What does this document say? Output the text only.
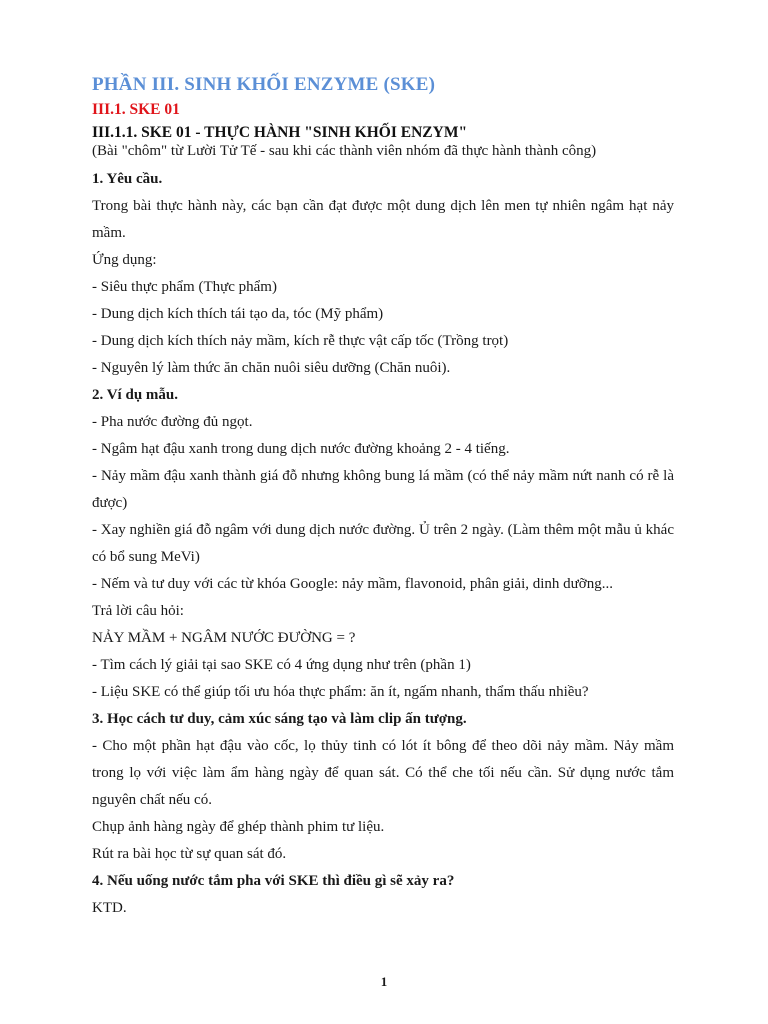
PHẦN III. SINH KHỐI ENZYME (SKE)
III.1. SKE 01
III.1.1. SKE 01 - THỰC HÀNH "SINH KHỐI ENZYM"
(Bài "chôm" từ Lười Tử Tế - sau khi các thành viên nhóm đã thực hành thành công)

1. Yêu cầu.

Trong bài thực hành này, các bạn cần đạt được một dung dịch lên men tự nhiên ngâm hạt nảy mầm.

Ứng dụng:

- Siêu thực phẩm (Thực phẩm)

- Dung dịch kích thích tái tạo da, tóc (Mỹ phẩm)

- Dung dịch kích thích nảy mầm, kích rễ thực vật cấp tốc (Trồng trọt)

- Nguyên lý làm thức ăn chăn nuôi siêu dưỡng (Chăn nuôi).

2. Ví dụ mẫu.

- Pha nước đường đủ ngọt.

- Ngâm hạt đậu xanh trong dung dịch nước đường khoảng 2 - 4 tiếng.

- Nảy mầm đậu xanh thành giá đỗ nhưng không bung lá mầm (có thể nảy mầm nứt nanh có rễ là được)

- Xay nghiền giá đỗ ngâm với dung dịch nước đường. Ủ trên 2 ngày. (Làm thêm một mẫu ủ khác có bổ sung MeVi)

- Nếm và tư duy với các từ khóa Google: nảy mầm, flavonoid, phân giải, dinh dưỡng...

Trả lời câu hỏi:

NẢY MẦM + NGÂM NƯỚC ĐƯỜNG = ?

- Tìm cách lý giải tại sao SKE có 4 ứng dụng như trên (phần 1)

- Liệu SKE có thể giúp tối ưu hóa thực phẩm: ăn ít, ngấm nhanh, thẩm thấu nhiều?

3. Học cách tư duy, cảm xúc sáng tạo và làm clip ấn tượng.

- Cho một phần hạt đậu vào cốc, lọ thủy tinh có lót ít bông để theo dõi nảy mầm. Nảy mầm trong lọ với việc làm ẩm hàng ngày để quan sát. Có thể che tối nếu cần. Sử dụng nước tắm nguyên chất nếu có.

Chụp ảnh hàng ngày để ghép thành phim tư liệu.

Rút ra bài học từ sự quan sát đó.

4. Nếu uống nước tắm pha với SKE thì điều gì sẽ xảy ra?

KTD.

1
